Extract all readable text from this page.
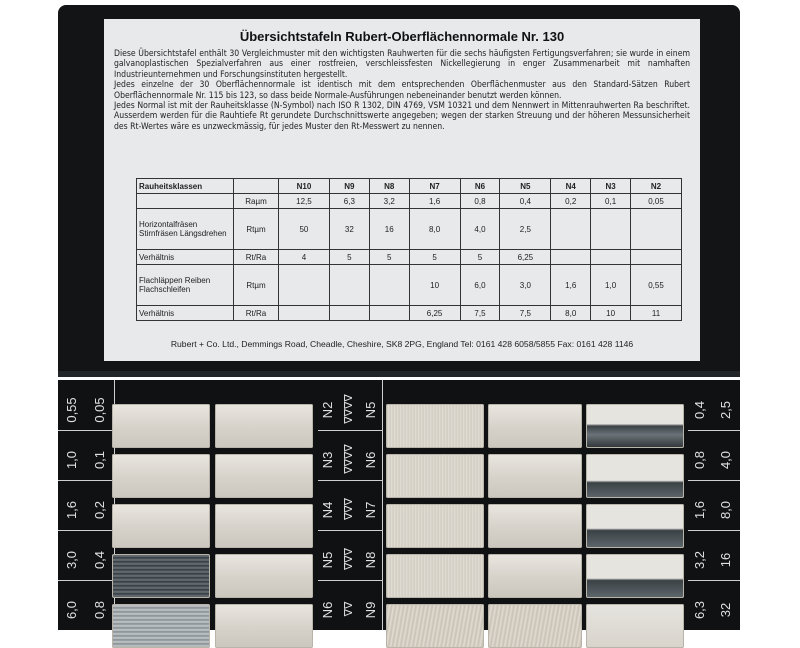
Übersichtstafeln Rubert-Oberflächennormale Nr. 130

Diese Übersichtstafel enthält 30 Vergleichmuster mit den wichtigsten Rauhwerten für die sechs häufigsten Fertigungsverfahren; sie wurde in einem galvanoplastischen Spezialverfahren aus einer rostfreien, verschleissfesten Nickellegierung in enger Zusammenarbeit mit namhaften Industrieunternehmen und Forschungsinstituten hergestellt.

Jedes einzelne der 30 Oberflächennormale ist identisch mit dem entsprechenden Oberflächenmuster aus den Standard-Sätzen Rubert Oberflächennormale Nr. 115 bis 123, so dass beide Normale-Ausführungen nebeneinander benutzt werden können.

Jedes Normal ist mit der Rauheitsklasse (N-Symbol) nach ISO R 1302, DIN 4769, VSM 10321 und dem Nennwert in Mittenrauhwerten Ra beschriftet. Ausserdem werden für die Rauhtiefe Rt gerundete Durchschnittswerte angegeben; wegen der starken Streuung und der höheren Messunsicherheit des Rt-Wertes wäre es unzweckmässig, für jedes Muster den Rt-Messwert zu nennen.

Rauheitsklassen		N10	N9	N8	N7	N6	N5	N4	N3	N2
	Raµm	12,5	6,3	3,2	1,6	0,8	0,4	0,2	0,1	0,05
Horizontalfräsen Stirnfräsen Längsdrehen	Rtµm	50	32	16	8,0	4,0	2,5			
Verhältnis	Rt/Ra	4	5	5	5	5	6,25			
Flachläppen Reiben Flachschleifen	Rtµm				10	6,0	3,0	1,6	1,0	0,55
Verhältnis	Rt/Ra				6,25	7,5	7,5	8,0	10	11
Rubert + Co. Ltd., Demmings Road, Cheadle, Cheshire, SK8 2PG, England Tel: 0161 428 6058/5855 Fax: 0161 428 1146
0,55
1,0
1,6
3,0
6,0
0,05
0,1
0,2
0,4
0,8
N2
N3
N4
N5
N6
∇∇∇∇
∇∇∇∇
∇∇∇
∇∇∇
∇∇
N5
N6
N7
N8
N9
0,4
0,8
1,6
3,2
6,3
2,5
4,0
8,0
16
32
